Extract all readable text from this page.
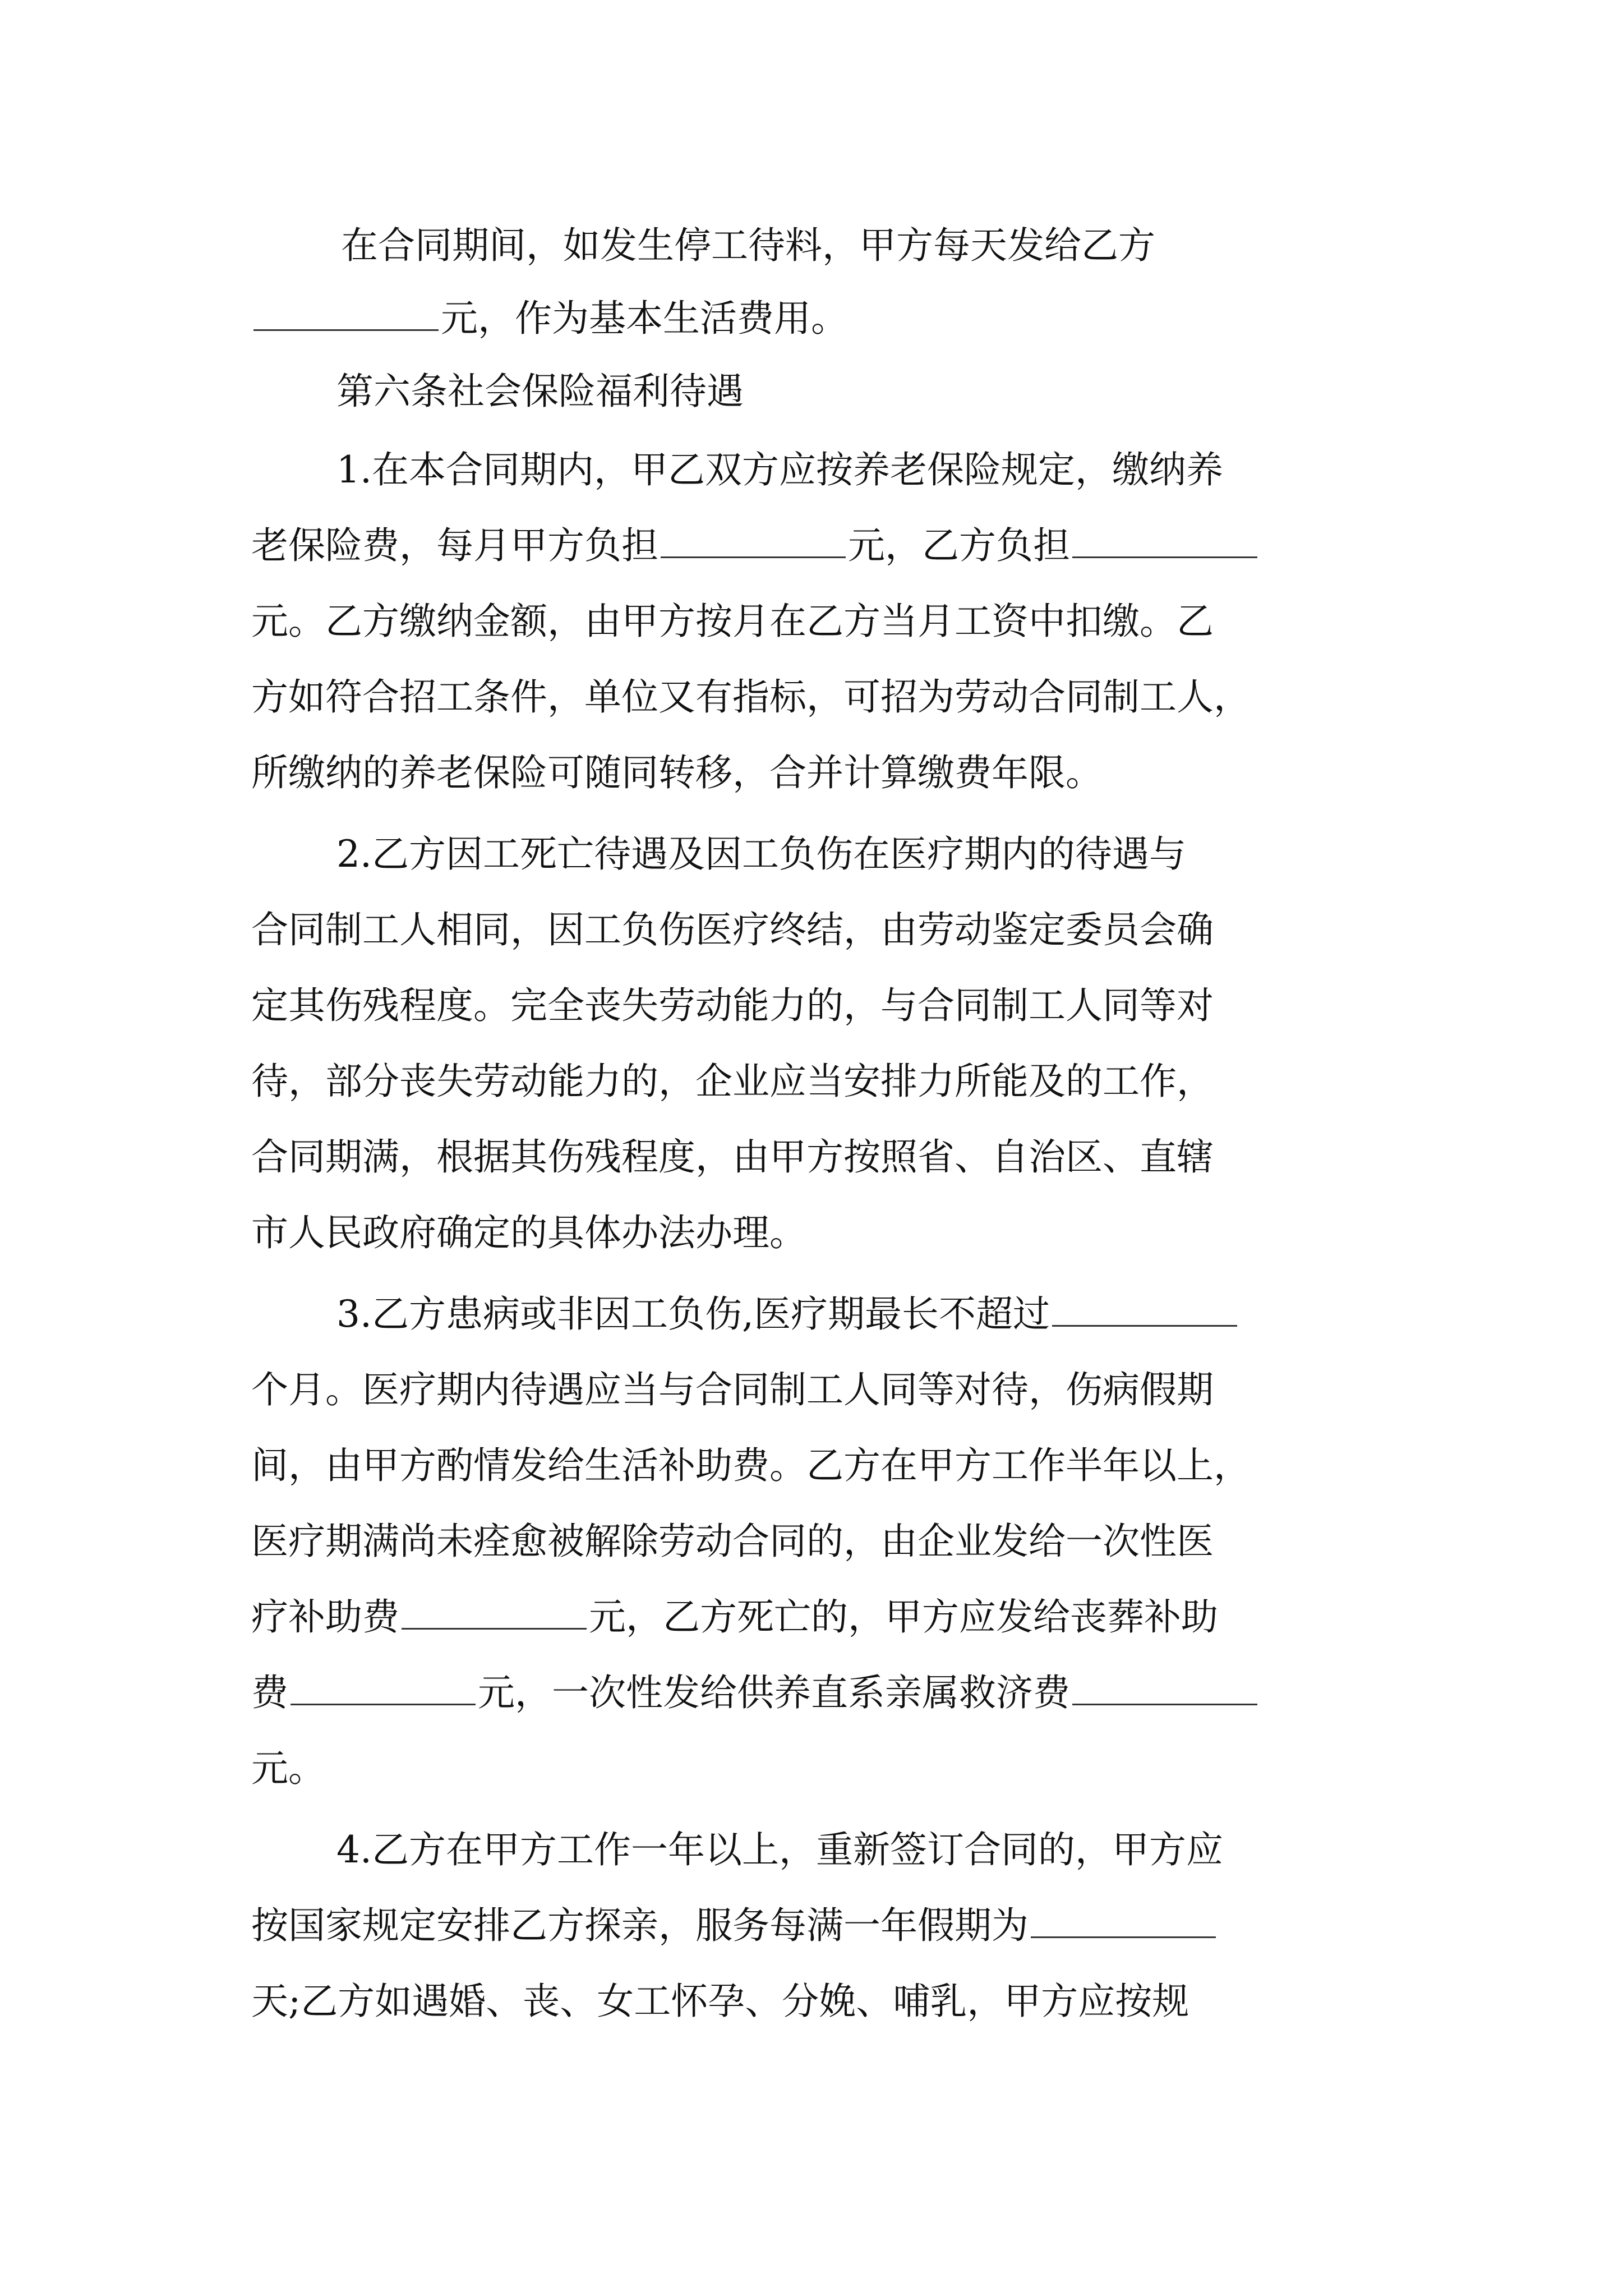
在合同期间，如发生停工待料，甲方每天发给乙方
元，作为基本生活费用。
第六条社会保险福利待遇
1.在本合同期内，甲乙双方应按养老保险规定，缴纳养
老保险费，每月甲方负担	元，乙方负担
元。乙方缴纳金额，由甲方按月在乙方当月工资中扣缴。乙
方如符合招工条件，单位又有指标，可招为劳动合同制工人，
所缴纳的养老保险可随同转移，合并计算缴费年限。
2.乙方因工死亡待遇及因工负伤在医疗期内的待遇与
合同制工人相同，因工负伤医疗终结，由劳动鉴定委员会确
定其伤残程度。完全丧失劳动能力的，与合同制工人同等对
待，部分丧失劳动能力的，企业应当安排力所能及的工作，
合同期满，根据其伤残程度，由甲方按照省、自治区、直辖
市人民政府确定的具体办法办理。
3.乙方患病或非因工负伤,医疗期最长不超过
个月。医疗期内待遇应当与合同制工人同等对待，伤病假期
间，由甲方酌情发给生活补助费。乙方在甲方工作半年以上，
医疗期满尚未痊愈被解除劳动合同的，由企业发给一次性医
疗补助费	元，乙方死亡的，甲方应发给丧葬补助
费	元，一次性发给供养直系亲属救济费
元。
4.乙方在甲方工作一年以上，重新签订合同的，甲方应
按国家规定安排乙方探亲，服务每满一年假期为
天;乙方如遇婚、丧、女工怀孕、分娩、哺乳，甲方应按规
